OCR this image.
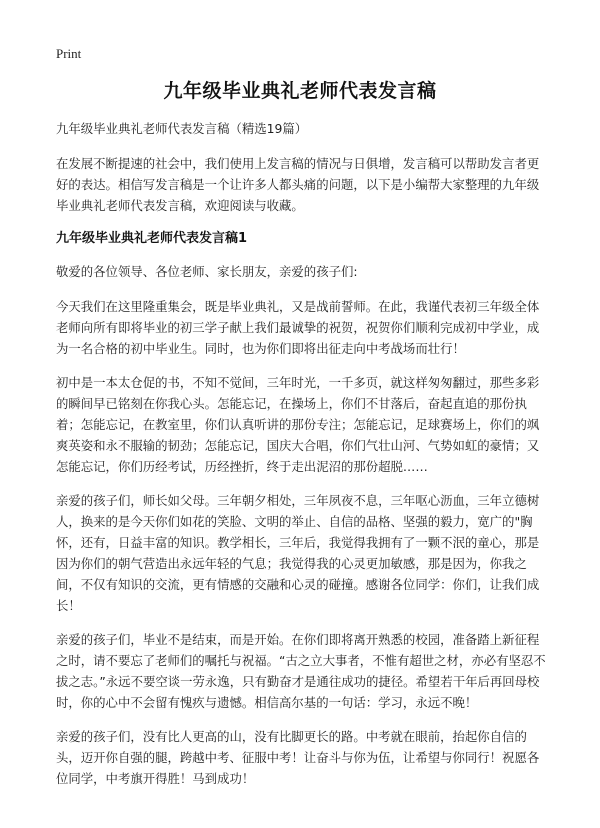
Print
九年级毕业典礼老师代表发言稿

九年级毕业典礼老师代表发言稿（精选19篇）

在发展不断提速的社会中，我们使用上发言稿的情况与日俱增，发言稿可以帮助发言者更好的表达。相信写发言稿是一个让许多人都头痛的问题，以下是小编帮大家整理的九年级毕业典礼老师代表发言稿，欢迎阅读与收藏。

九年级毕业典礼老师代表发言稿1

敬爱的各位领导、各位老师、家长朋友，亲爱的孩子们:

今天我们在这里隆重集会，既是毕业典礼，又是战前誓师。在此，我谨代表初三年级全体老师向所有即将毕业的初三学子献上我们最诚挚的祝贺，祝贺你们顺利完成初中学业，成为一名合格的初中毕业生。同时，也为你们即将出征走向中考战场而壮行！

初中是一本太仓促的书，不知不觉间，三年时光，一千多页，就这样匆匆翻过，那些多彩的瞬间早已铭刻在你我心头。怎能忘记，在操场上，你们不甘落后，奋起直追的那份执着；怎能忘记，在教室里，你们认真听讲的那份专注；怎能忘记，足球赛场上，你们的飒爽英姿和永不服输的韧劲；怎能忘记，国庆大合唱，你们气壮山河、气势如虹的豪情；又怎能忘记，你们历经考试，历经挫折，终于走出泥沼的那份超脱……

亲爱的孩子们，师长如父母。三年朝夕相处，三年夙夜不息，三年呕心沥血，三年立德树人，换来的是今天你们如花的笑脸、文明的举止、自信的品格、坚强的毅力，宽广的"胸怀，还有，日益丰富的知识。教学相长，三年后，我觉得我拥有了一颗不泯的童心，那是因为你们的朝气营造出永远年轻的气息；我觉得我的心灵更加敏感，那是因为，你我之间，不仅有知识的交流，更有情感的交融和心灵的碰撞。感谢各位同学：你们，让我们成长！

亲爱的孩子们，毕业不是结束，而是开始。在你们即将离开熟悉的校园，准备踏上新征程之时，请不要忘了老师们的嘱托与祝福。“古之立大事者，不惟有超世之材，亦必有坚忍不拔之志。”永远不要空谈一劳永逸，只有勤奋才是通往成功的捷径。希望若干年后再回母校时，你的心中不会留有愧疚与遗憾。相信高尔基的一句话：学习，永远不晚！

亲爱的孩子们，没有比人更高的山，没有比脚更长的路。中考就在眼前，抬起你自信的头，迈开你自强的腿，跨越中考、征服中考！让奋斗与你为伍，让希望与你同行！祝愿各位同学，中考旗开得胜！马到成功！
